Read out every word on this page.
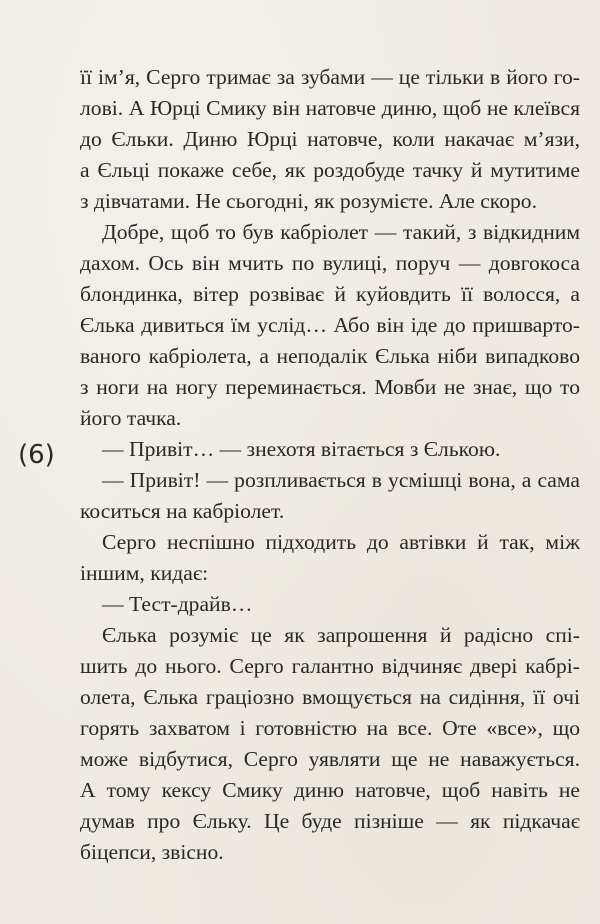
(6)
її ім’я, Серго тримає за зубами — це тільки в його го-
лові. А Юрці Смику він натовче диню, щоб не клеївся
до Єльки. Диню Юрці натовче, коли накачає м’язи,
а Єльці покаже себе, як роздобуде тачку й мутитиме
з дівчатами. Не сьогодні, як розумієте. Але скоро.
Добре, щоб то був кабріолет — такий, з відкидним
дахом. Ось він мчить по вулиці, поруч — довгокоса
блондинка, вітер розвіває й куйовдить її волосся, а
Єлька дивиться їм услід… Або він іде до пришварто-
ваного кабріолета, а неподалік Єлька ніби випадково
з ноги на ногу переминається. Мовби не знає, що то
його тачка.
— Привіт… — знехотя вітається з Єлькою.
— Привіт! — розпливається в усмішці вона, а сама
коситься на кабріолет.
Серго неспішно підходить до автівки й так, між
іншим, кидає:
— Тест-драйв…
Єлька розуміє це як запрошення й радісно спі-
шить до нього. Серго галантно відчиняє двері кабрі-
олета, Єлька граціозно вмощується на сидіння, її очі
горять захватом і готовністю на все. Оте «все», що
може відбутися, Серго уявляти ще не наважується.
А тому кексу Смику диню натовче, щоб навіть не
думав про Єльку. Це буде пізніше — як підкачає
біцепси, звісно.
